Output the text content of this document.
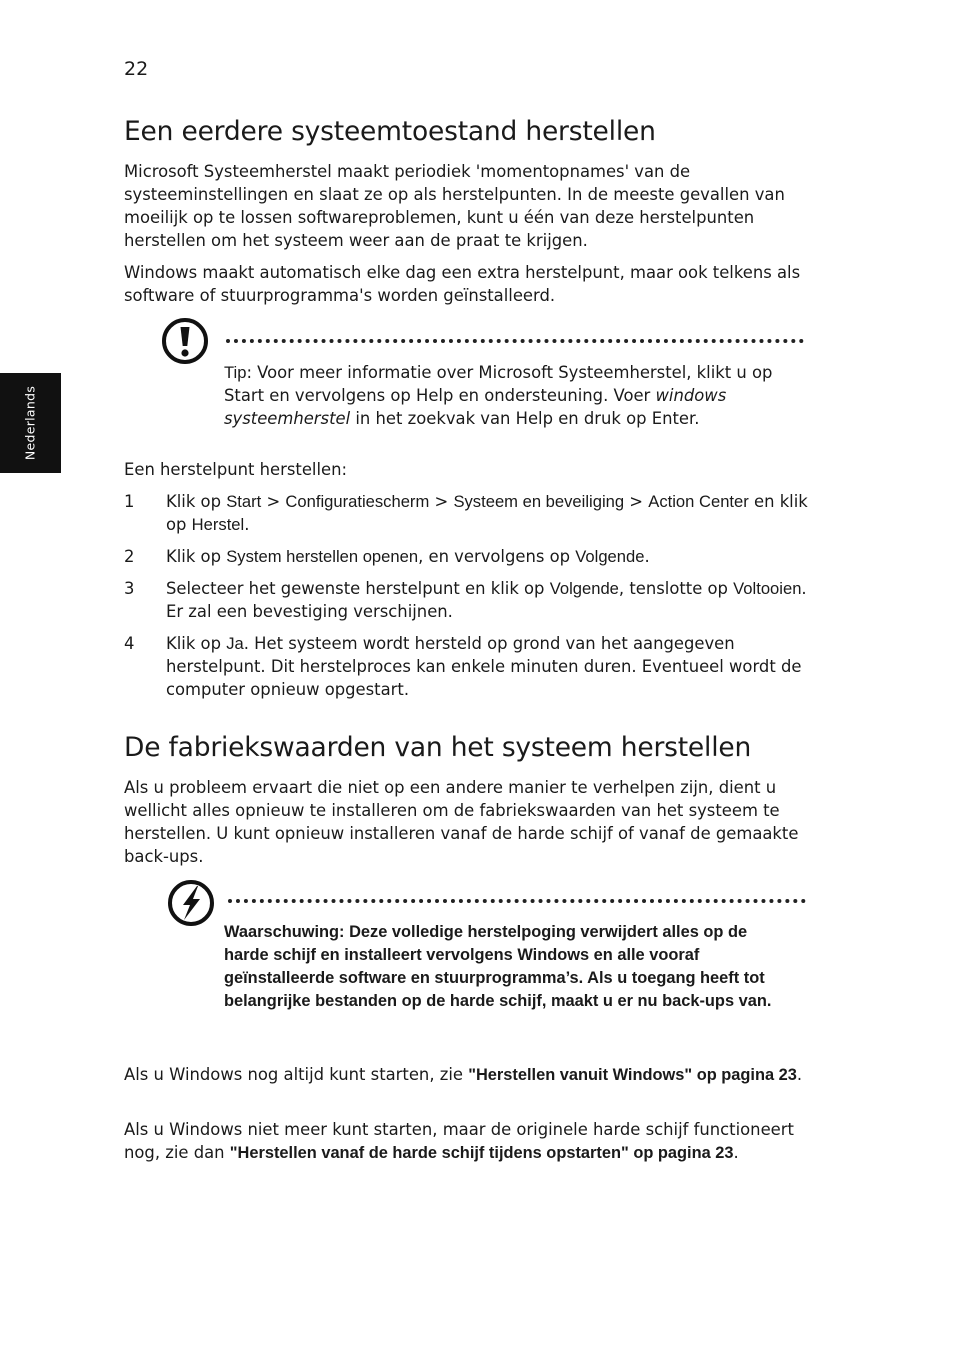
22
Nederlands
Een eerdere systeemtoestand herstellen

Microsoft Systeemherstel maakt periodiek 'momentopnames' van de systeeminstellingen en slaat ze op als herstelpunten. In de meeste gevallen van moeilijk op te lossen softwareproblemen, kunt u één van deze herstelpunten herstellen om het systeem weer aan de praat te krijgen.

Windows maakt automatisch elke dag een extra herstelpunt, maar ook telkens als software of stuurprogramma's worden geïnstalleerd.

Tip: Voor meer informatie over Microsoft Systeemherstel, klikt u op Start en vervolgens op Help en ondersteuning. Voer windows systeemherstel in het zoekvak van Help en druk op Enter.

Een herstelpunt herstellen:

1 Klik op Start > Configuratiescherm > Systeem en beveiliging > Action Center en klik op Herstel.
2 Klik op System herstellen openen, en vervolgens op Volgende.
3 Selecteer het gewenste herstelpunt en klik op Volgende, tenslotte op Voltooien. Er zal een bevestiging verschijnen.
4 Klik op Ja. Het systeem wordt hersteld op grond van het aangegeven herstelpunt. Dit herstelproces kan enkele minuten duren. Eventueel wordt de computer opnieuw opgestart.
De fabriekswaarden van het systeem herstellen

Als u probleem ervaart die niet op een andere manier te verhelpen zijn, dient u wellicht alles opnieuw te installeren om de fabriekswaarden van het systeem te herstellen. U kunt opnieuw installeren vanaf de harde schijf of vanaf de gemaakte back-ups.

Waarschuwing: Deze volledige herstelpoging verwijdert alles op de harde schijf en installeert vervolgens Windows en alle vooraf geïnstalleerde software en stuurprogramma’s. Als u toegang heeft tot belangrijke bestanden op de harde schijf, maakt u er nu back-ups van.

Als u Windows nog altijd kunt starten, zie "Herstellen vanuit Windows" op pagina 23.

Als u Windows niet meer kunt starten, maar de originele harde schijf functioneert nog, zie dan "Herstellen vanaf de harde schijf tijdens opstarten" op pagina 23.
